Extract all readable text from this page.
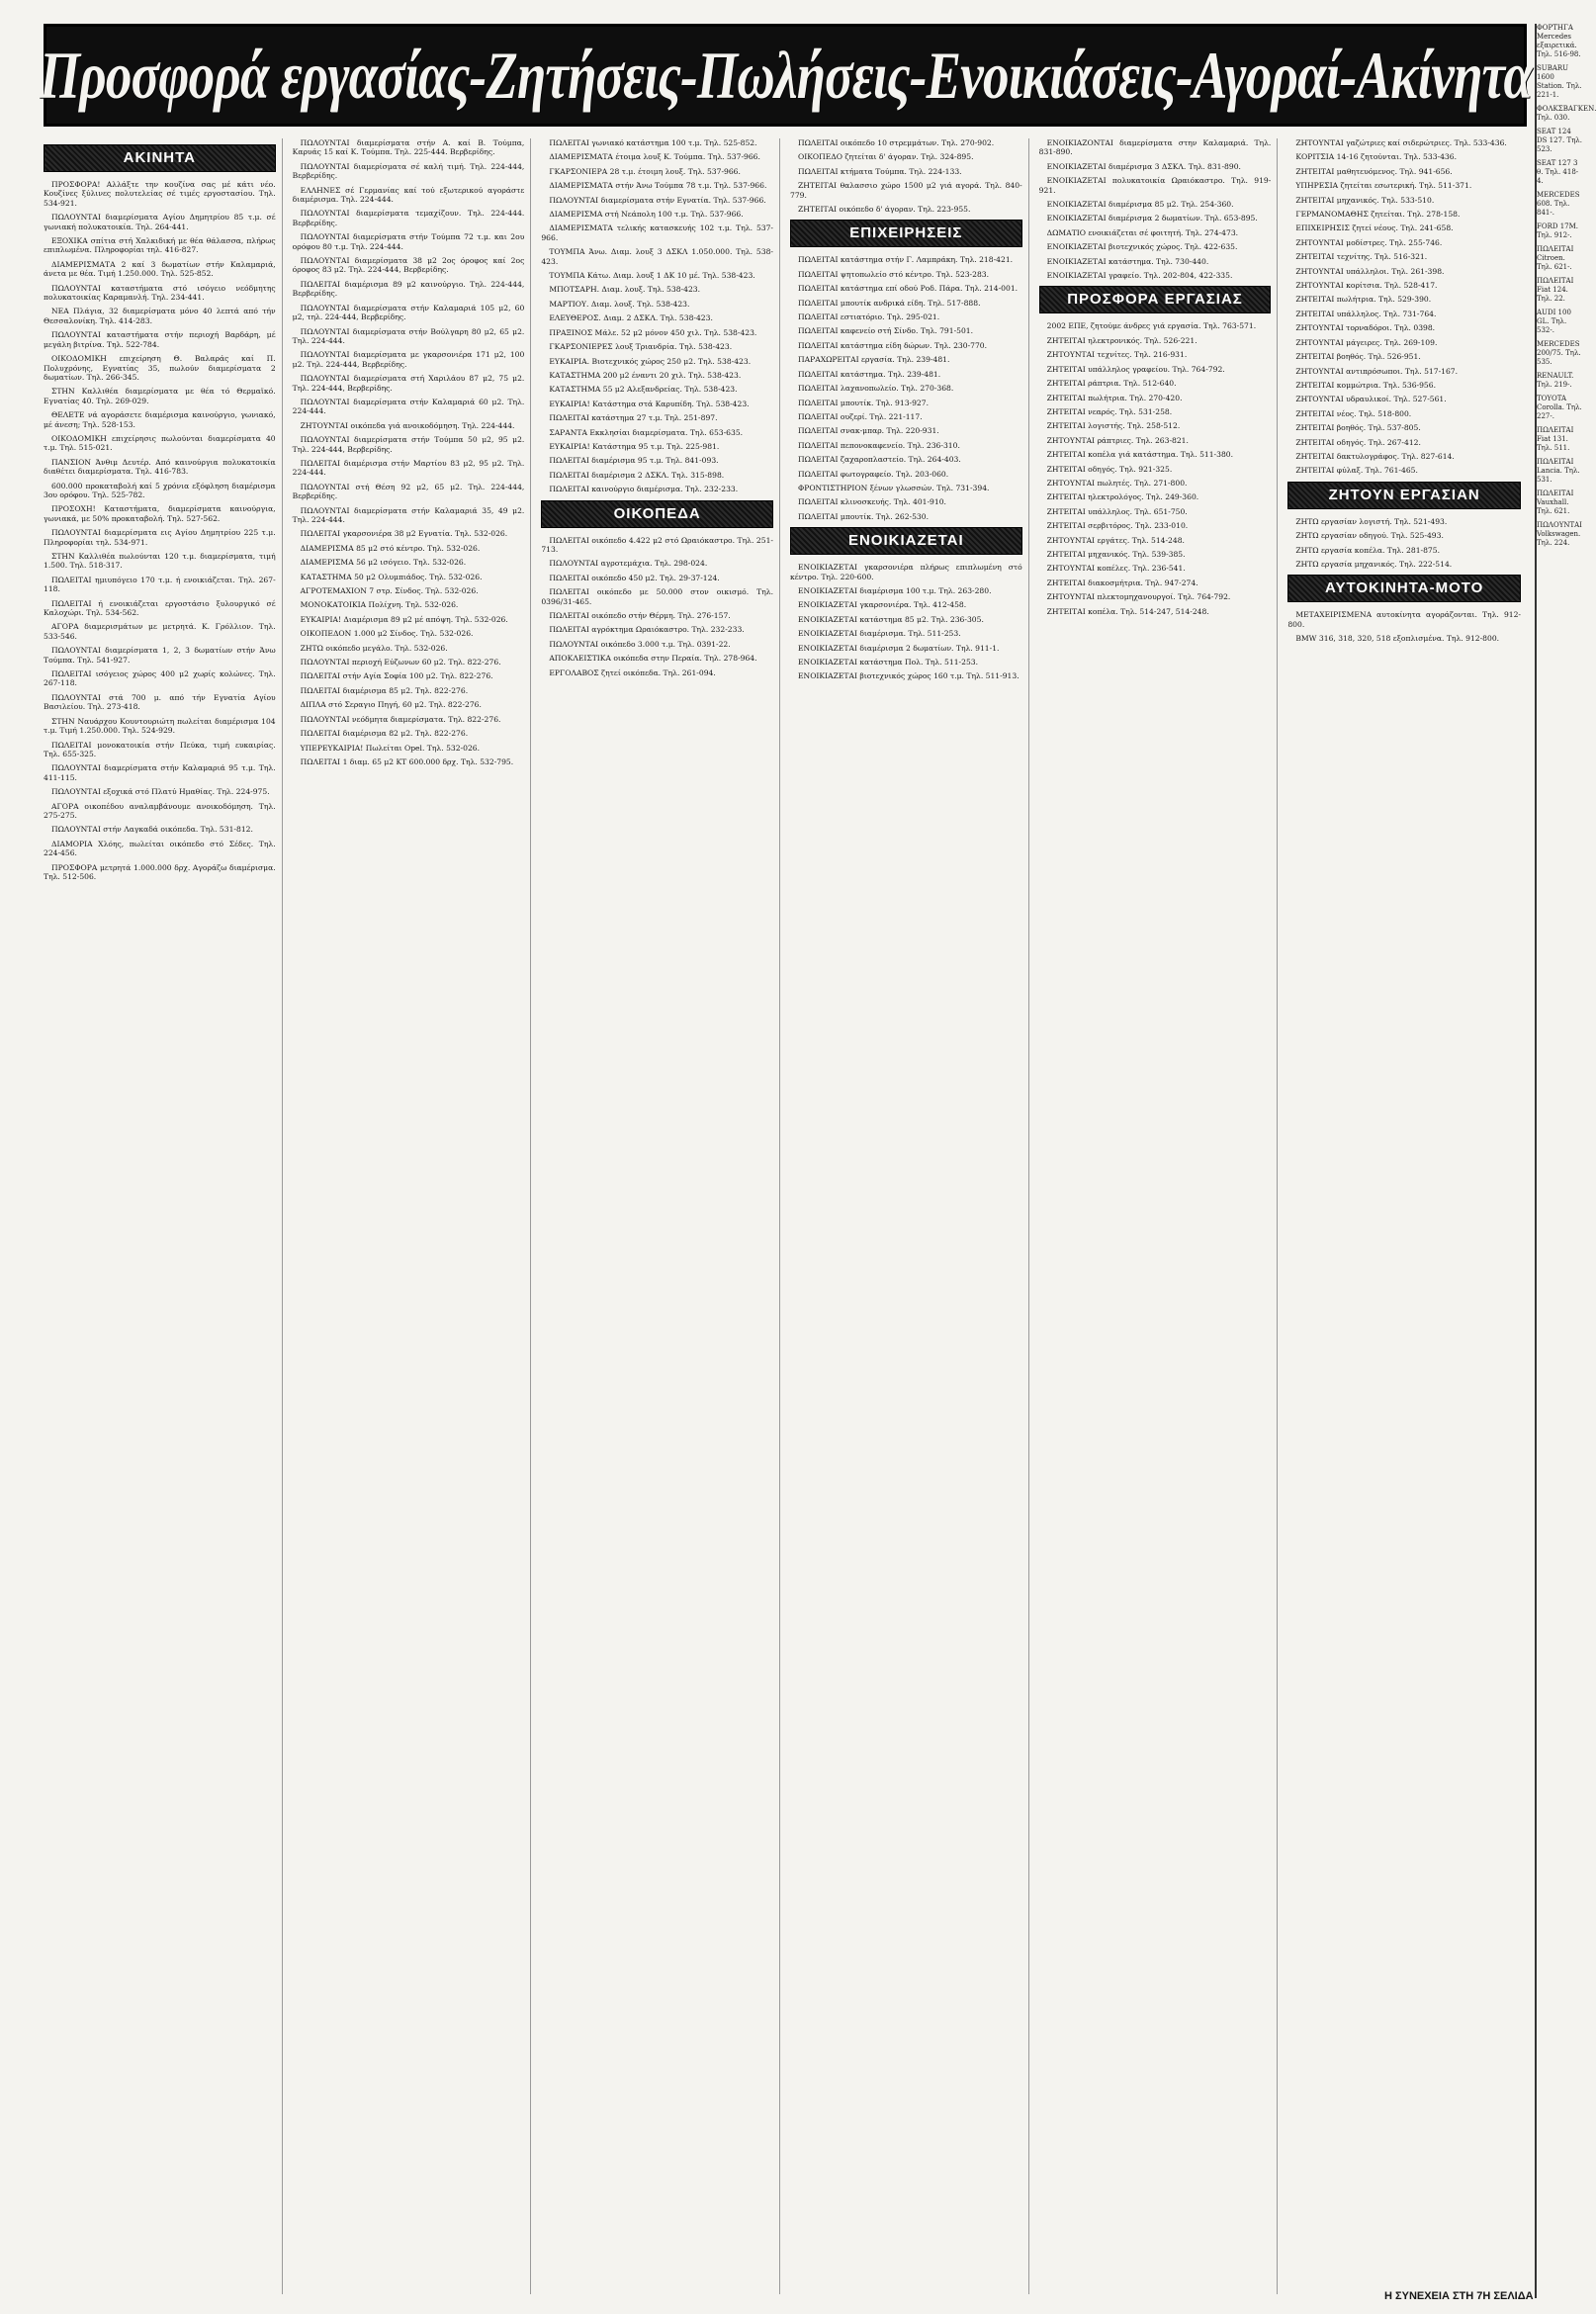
Προσφορά εργασίας-Ζητήσεις-Πωλήσεις-Ενοικιάσεις-Αγοραί-Ακίνητα
ΑΚΙΝΗΤΑ

ΠΡΟΣΦΟΡΑ! Αλλάξτε την κουζίνα σας μέ κάτι νέο. Κουζίνες ξύλινες πολυτελείας σέ τιμές εργοστασίου. Τηλ. 534-921.

ΠΩΛΟΥΝΤΑΙ διαμερίσματα Αγίου Δημητρίου 85 τ.μ. σέ γωνιακή πολυκατοικία. Τηλ. 264-441.

ΕΞΟΧΙΚΑ σπίτια στή Χαλκιδική με θέα θάλασσα, πλήρως επιπλωμένα. Πληροφορίαι τηλ. 416-827.

ΔΙΑΜΕΡΙΣΜΑΤΑ 2 καί 3 δωματίων στήν Καλαμαριά, άνετα με θέα. Τιμή 1.250.000. Τηλ. 525-852.

ΠΩΛΟΥΝΤΑΙ καταστήματα στό ισόγειο νεόδμητης πολυκατοικίας Καραμανλή. Τηλ. 234-441.

ΝΕΑ Πλάγια, 32 διαμερίσματα μόνο 40 λεπτά από τήν Θεσσαλονίκη. Τηλ. 414-283.

ΠΩΛΟΥΝΤΑΙ καταστήματα στήν περιοχή Βαρδάρη, μέ μεγάλη βιτρίνα. Τηλ. 522-784.

ΟΙΚΟΔΟΜΙΚΗ επιχείρηση Θ. Βαλαράς καί Π. Πολυχρόνης, Εγνατίας 35, πωλούν διαμερίσματα 2 δωματίων. Τηλ. 266-345.

ΣΤΗΝ Καλλιθέα διαμερίσματα με θέα τό Θερμαϊκό. Εγνατίας 40. Τηλ. 269-029.

ΘΕΛΕΤΕ νά αγοράσετε διαμέρισμα καινούργιο, γωνιακό, μέ άνεση; Τηλ. 528-153.

ΟΙΚΟΔΟΜΙΚΗ επιχείρησις πωλούνται διαμερίσματα 40 τ.μ. Τηλ. 515-021.

ΠΑΝΣΙΟΝ Άνθιμ Δευτέρ. Από καινούργια πολυκατοικία διαθέτει διαμερίσματα. Τηλ. 416-783.

600.000 προκαταβολή καί 5 χρόνια εξόφληση διαμέρισμα 3ου ορόφου. Τηλ. 525-782.

ΠΡΟΣΟΧΗ! Καταστήματα, διαμερίσματα καινούργια, γωνιακά, με 50% προκαταβολή. Τηλ. 527-562.

ΠΩΛΟΥΝΤΑΙ διαμερίσματα εις Αγίου Δημητρίου 225 τ.μ. Πληροφορίαι τηλ. 534-971.

ΣΤΗΝ Καλλιθέα πωλούνται 120 τ.μ. διαμερίσματα, τιμή 1.500. Τηλ. 518-317.

ΠΩΛΕΙΤΑΙ ημιυπόγειο 170 τ.μ. ή ενοικιάζεται. Τηλ. 267-118.

ΠΩΛΕΙΤΑΙ ή ενοικιάζεται εργοστάσιο ξυλουργικό σέ Καλοχώρι. Τηλ. 534-562.

ΑΓΟΡΑ διαμερισμάτων με μετρητά. Κ. Γρόλλιον. Τηλ. 533-546.

ΠΩΛΟΥΝΤΑΙ διαμερίσματα 1, 2, 3 δωματίων στήν Άνω Τούμπα. Τηλ. 541-927.

ΠΩΛΕΙΤΑΙ ισόγειος χώρος 400 μ2 χωρίς κολώνες. Τηλ. 267-118.

ΠΩΛΟΥΝΤΑΙ στά 700 μ. από τήν Εγνατία Αγίου Βασιλείου. Τηλ. 273-418.

ΣΤΗΝ Ναυάρχου Κουντουριώτη πωλείται διαμέρισμα 104 τ.μ. Τιμή 1.250.000. Τηλ. 524-929.

ΠΩΛΕΙΤΑΙ μονοκατοικία στήν Πεύκα, τιμή ευκαιρίας. Τηλ. 655-325.

ΠΩΛΟΥΝΤΑΙ διαμερίσματα στήν Καλαμαριά 95 τ.μ. Τηλ. 411-115.

ΠΩΛΟΥΝΤΑΙ εξοχικά στό Πλατύ Ημαθίας. Τηλ. 224-975.

ΑΓΟΡΑ οικοπέδου αναλαμβάνουμε ανοικοδόμηση. Τηλ. 275-275.

ΠΩΛΟΥΝΤΑΙ στήν Λαγκαδά οικόπεδα. Τηλ. 531-812.

ΔΙΑΜΟΡΙΑ Χλόης, πωλείται οικόπεδο στό Σέδες. Τηλ. 224-456.

ΠΡΟΣΦΟΡΑ μετρητά 1.000.000 δρχ. Αγοράζω διαμέρισμα. Τηλ. 512-506.

ΠΩΛΟΥΝΤΑΙ διαμερίσματα στήν Α. καί Β. Τούμπα, Καρυάς 15 καί Κ. Τούμπα. Τηλ. 225-444. Βερβερίδης.

ΠΩΛΟΥΝΤΑΙ διαμερίσματα σέ καλή τιμή. Τηλ. 224-444, Βερβερίδης.

ΕΛΛΗΝΕΣ σέ Γερμανίας καί τού εξωτερικού αγοράστε διαμέρισμα. Τηλ. 224-444.

ΠΩΛΟΥΝΤΑΙ διαμερίσματα τεμαχίζουν. Τηλ. 224-444. Βερβερίδης.

ΠΩΛΟΥΝΤΑΙ διαμερίσματα στήν Τούμπα 72 τ.μ. και 2ου ορόφου 80 τ.μ. Τηλ. 224-444.

ΠΩΛΟΥΝΤΑΙ διαμερίσματα 38 μ2 2ος όροφος καί 2ος όροφος 83 μ2. Τηλ. 224-444, Βερβερίδης.

ΠΩΛΕΙΤΑΙ διαμέρισμα 89 μ2 καινούργιο. Τηλ. 224-444, Βερβερίδης.

ΠΩΛΟΥΝΤΑΙ διαμερίσματα στήν Καλαμαριά 105 μ2, 60 μ2, τηλ. 224-444, Βερβερίδης.

ΠΩΛΟΥΝΤΑΙ διαμερίσματα στήν Βούλγαρη 80 μ2, 65 μ2. Τηλ. 224-444.

ΠΩΛΟΥΝΤΑΙ διαμερίσματα με γκαρσονιέρα 171 μ2, 100 μ2. Τηλ. 224-444, Βερβερίδης.

ΠΩΛΟΥΝΤΑΙ διαμερίσματα στή Χαριλάου 87 μ2, 75 μ2. Τηλ. 224-444, Βερβερίδης.

ΠΩΛΟΥΝΤΑΙ διαμερίσματα στήν Καλαμαριά 60 μ2. Τηλ. 224-444.

ΖΗΤΟΥΝΤΑΙ οικόπεδα γιά ανοικοδόμηση. Τηλ. 224-444.

ΠΩΛΟΥΝΤΑΙ διαμερίσματα στήν Τούμπα 50 μ2, 95 μ2. Τηλ. 224-444, Βερβερίδης.

ΠΩΛΕΙΤΑΙ διαμέρισμα στήν Μαρτίου 83 μ2, 95 μ2. Τηλ. 224-444.

ΠΩΛΟΥΝΤΑΙ στή Θέση 92 μ2, 65 μ2. Τηλ. 224-444, Βερβερίδης.

ΠΩΛΟΥΝΤΑΙ διαμερίσματα στήν Καλαμαριά 35, 49 μ2. Τηλ. 224-444.

ΠΩΛΕΙΤΑΙ γκαρσονιέρα 38 μ2 Εγνατία. Τηλ. 532-026.

ΔΙΑΜΕΡΙΣΜΑ 85 μ2 στό κέντρο. Τηλ. 532-026.

ΔΙΑΜΕΡΙΣΜΑ 56 μ2 ισόγειο. Τηλ. 532-026.

ΚΑΤΑΣΤΗΜΑ 50 μ2 Ολυμπιάδος. Τηλ. 532-026.

ΑΓΡΟΤΕΜΑΧΙΟΝ 7 στρ. Σίνδος. Τηλ. 532-026.

ΜΟΝΟΚΑΤΟΙΚΙΑ Πολίχνη. Τηλ. 532-026.

ΕΥΚΑΙΡΙΑ! Διαμέρισμα 89 μ2 μέ απόψη. Τηλ. 532-026.

ΟΙΚΟΠΕΔΟΝ 1.000 μ2 Σίνδος. Τηλ. 532-026.

ΖΗΤΩ οικόπεδο μεγάλο. Τηλ. 532-026.

ΠΩΛΟΥΝΤΑΙ περιοχή Εύζωνων 60 μ2. Τηλ. 822-276.

ΠΩΛΕΙΤΑΙ στήν Αγία Σοφία 100 μ2. Τηλ. 822-276.

ΠΩΛΕΙΤΑΙ διαμέρισμα 85 μ2. Τηλ. 822-276.

ΔΙΠΛΑ στό Σεραγιο Πηγή, 60 μ2. Τηλ. 822-276.

ΠΩΛΟΥΝΤΑΙ νεόδμητα διαμερίσματα. Τηλ. 822-276.

ΠΩΛΕΙΤΑΙ διαμέρισμα 82 μ2. Τηλ. 822-276.

ΥΠΕΡΕΥΚΑΙΡΙΑ! Πωλείται Opel. Τηλ. 532-026.

ΠΩΛΕΙΤΑΙ 1 διαμ. 65 μ2 ΚΤ 600.000 δρχ. Τηλ. 532-795.

ΠΩΛΕΙΤΑΙ γωνιακό κατάστημα 100 τ.μ. Τηλ. 525-852.

ΔΙΑΜΕΡΙΣΜΑΤΑ έτοιμα λουξ Κ. Τούμπα. Τηλ. 537-966.

ΓΚΑΡΣΟΝΙΕΡΑ 28 τ.μ. έτοιμη λουξ. Τηλ. 537-966.

ΔΙΑΜΕΡΙΣΜΑΤΑ στήν Άνω Τούμπα 78 τ.μ. Τηλ. 537-966.

ΠΩΛΟΥΝΤΑΙ διαμερίσματα στήν Εγνατία. Τηλ. 537-966.

ΔΙΑΜΕΡΙΣΜΑ στή Νεάπολη 100 τ.μ. Τηλ. 537-966.

ΔΙΑΜΕΡΙΣΜΑΤΑ τελικής κατασκευής 102 τ.μ. Τηλ. 537-966.

ΤΟΥΜΠΑ Άνω. Διαμ. λουξ 3 ΔΣΚΛ 1.050.000. Τηλ. 538-423.

ΤΟΥΜΠΑ Κάτω. Διαμ. λουξ 1 ΔΚ 10 μέ. Τηλ. 538-423.

ΜΠΟΤΣΑΡΗ. Διαμ. λουξ. Τηλ. 538-423.

ΜΑΡΤΙΟΥ. Διαμ. λουξ. Τηλ. 538-423.

ΕΛΕΥΘΕΡΟΣ. Διαμ. 2 ΔΣΚΛ. Τηλ. 538-423.

ΠΡΑΞΙΝΟΣ Μάλε. 52 μ2 μόνον 450 χιλ. Τηλ. 538-423.

ΓΚΑΡΣΟΝΙΕΡΕΣ λουξ Τριανδρία. Τηλ. 538-423.

ΕΥΚΑΙΡΙΑ. Βιοτεχνικός χώρος 250 μ2. Τηλ. 538-423.

ΚΑΤΑΣΤΗΜΑ 200 μ2 έναντι 20 χιλ. Τηλ. 538-423.

ΚΑΤΑΣΤΗΜΑ 55 μ2 Αλεξανδρείας. Τηλ. 538-423.

ΕΥΚΑΙΡΙΑ! Κατάστημα στά Καρυπίδη. Τηλ. 538-423.

ΠΩΛΕΙΤΑΙ κατάστημα 27 τ.μ. Τηλ. 251-897.

ΣΑΡΑΝΤΑ Εκκλησίαι διαμερίσματα. Τηλ. 653-635.

ΕΥΚΑΙΡΙΑ! Κατάστημα 95 τ.μ. Τηλ. 225-981.

ΠΩΛΕΙΤΑΙ διαμέρισμα 95 τ.μ. Τηλ. 841-093.

ΠΩΛΕΙΤΑΙ διαμέρισμα 2 ΔΣΚΛ. Τηλ. 315-898.

ΠΩΛΕΙΤΑΙ καινούργιο διαμέρισμα. Τηλ. 232-233.

ΟΙΚΟΠΕΔΑ

ΠΩΛΕΙΤΑΙ οικόπεδο 4.422 μ2 στό Ωραιόκαστρο. Τηλ. 251-713.

ΠΩΛΟΥΝΤΑΙ αγροτεμάχια. Τηλ. 298-024.

ΠΩΛΕΙΤΑΙ οικόπεδο 450 μ2. Τηλ. 29-37-124.

ΠΩΛΕΙΤΑΙ οικόπεδο με 50.000 στον οικισμό. Τηλ. 0396/31-465.

ΠΩΛΕΙΤΑΙ οικόπεδο στήν Θέρμη. Τηλ. 276-157.

ΠΩΛΕΙΤΑΙ αγρόκτημα Ωραιόκαστρο. Τηλ. 232-233.

ΠΩΛΟΥΝΤΑΙ οικόπεδο 3.000 τ.μ. Τηλ. 0391-22.

ΑΠΟΚΛΕΙΣΤΙΚΑ οικόπεδα στην Περαία. Τηλ. 278-964.

ΕΡΓΟΛΑΒΟΣ ζητεί οικόπεδα. Τηλ. 261-094.

ΠΩΛΕΙΤΑΙ οικόπεδο 10 στρεμμάτων. Τηλ. 270-902.

ΟΙΚΟΠΕΔΟ ζητείται δ' άγοραν. Τηλ. 324-895.

ΠΩΛΕΙΤΑΙ κτήματα Τούμπα. Τηλ. 224-133.

ΖΗΤΕΙΤΑΙ θαλασσιο χώρο 1500 μ2 γιά αγορά. Τηλ. 840-779.

ΖΗΤΕΙΤΑΙ οικόπεδο δ' άγοραν. Τηλ. 223-955.

ΕΠΙΧΕΙΡΗΣΕΙΣ

ΠΩΛΕΙΤΑΙ κατάστημα στήν Γ. Λαμπράκη. Τηλ. 218-421.

ΠΩΛΕΙΤΑΙ ψητοπωλείο στό κέντρο. Τηλ. 523-283.

ΠΩΛΕΙΤΑΙ κατάστημα επί οδού Ροδ. Πάρα. Τηλ. 214-001.

ΠΩΛΕΙΤΑΙ μπουτίκ ανδρικά είδη. Τηλ. 517-888.

ΠΩΛΕΙΤΑΙ εστιατόριο. Τηλ. 295-021.

ΠΩΛΕΙΤΑΙ καφενείο στή Σίνδο. Τηλ. 791-501.

ΠΩΛΕΙΤΑΙ κατάστημα είδη δώρων. Τηλ. 230-770.

ΠΑΡΑΧΩΡΕΙΤΑΙ εργασία. Τηλ. 239-481.

ΠΩΛΕΙΤΑΙ κατάστημα. Τηλ. 239-481.

ΠΩΛΕΙΤΑΙ λαχανοπωλείο. Τηλ. 270-368.

ΠΩΛΕΙΤΑΙ μπουτίκ. Τηλ. 913-927.

ΠΩΛΕΙΤΑΙ ουζερί. Τηλ. 221-117.

ΠΩΛΕΙΤΑΙ σνακ-μπαρ. Τηλ. 220-931.

ΠΩΛΕΙΤΑΙ πεπονοκαφενείο. Τηλ. 236-310.

ΠΩΛΕΙΤΑΙ ζαχαροπλαστείο. Τηλ. 264-403.

ΠΩΛΕΙΤΑΙ φωτογραφείο. Τηλ. 203-060.

ΦΡΟΝΤΙΣΤΗΡΙΟΝ ξένων γλωσσών. Τηλ. 731-394.

ΠΩΛΕΙΤΑΙ κλινοσκευής. Τηλ. 401-910.

ΠΩΛΕΙΤΑΙ μπουτίκ. Τηλ. 262-530.

ΕΝΟΙΚΙΑΖΕΤΑΙ

ΕΝΟΙΚΙΑΖΕΤΑΙ γκαρσονιέρα πλήρως επιπλωμένη στό κέντρο. Τηλ. 220-600.

ΕΝΟΙΚΙΑΖΕΤΑΙ διαμέρισμα 100 τ.μ. Τηλ. 263-280.

ΕΝΟΙΚΙΑΖΕΤΑΙ γκαρσονιέρα. Τηλ. 412-458.

ΕΝΟΙΚΙΑΖΕΤΑΙ κατάστημα 85 μ2. Τηλ. 236-305.

ΕΝΟΙΚΙΑΖΕΤΑΙ διαμέρισμα. Τηλ. 511-253.

ΕΝΟΙΚΙΑΖΕΤΑΙ διαμέρισμα 2 δωματίων. Τηλ. 911-1.

ΕΝΟΙΚΙΑΖΕΤΑΙ κατάστημα Πολ. Τηλ. 511-253.

ΕΝΟΙΚΙΑΖΕΤΑΙ βιοτεχνικός χώρος 160 τ.μ. Τηλ. 511-913.

ΕΝΟΙΚΙΑΖΟΝΤΑΙ διαμερίσματα στην Καλαμαριά. Τηλ. 831-890.

ΕΝΟΙΚΙΑΖΕΤΑΙ διαμέρισμα 3 ΔΣΚΛ. Τηλ. 831-890.

ΕΝΟΙΚΙΑΖΕΤΑΙ πολυκατοικία Ωραιόκαστρο. Τηλ. 919-921.

ΕΝΟΙΚΙΑΖΕΤΑΙ διαμέρισμα 85 μ2. Τηλ. 254-360.

ΕΝΟΙΚΙΑΖΕΤΑΙ διαμέρισμα 2 δωματίων. Τηλ. 653-895.

ΔΩΜΑΤΙΟ ενοικιάζεται σέ φοιτητή. Τηλ. 274-473.

ΕΝΟΙΚΙΑΖΕΤΑΙ βιοτεχνικός χώρος. Τηλ. 422-635.

ΕΝΟΙΚΙΑΖΕΤΑΙ κατάστημα. Τηλ. 730-440.

ΕΝΟΙΚΙΑΖΕΤΑΙ γραφείο. Τηλ. 202-804, 422-335.

ΠΡΟΣΦΟΡΑ ΕΡΓΑΣΙΑΣ

2002 ΕΠΕ, ζητούμε άνδρες γιά εργασία. Τηλ. 763-571.

ΖΗΤΕΙΤΑΙ ηλεκτρονικός. Τηλ. 526-221.

ΖΗΤΟΥΝΤΑΙ τεχνίτες. Τηλ. 216-931.

ΖΗΤΕΙΤΑΙ υπάλληλος γραφείου. Τηλ. 764-792.

ΖΗΤΕΙΤΑΙ ράπτρια. Τηλ. 512-640.

ΖΗΤΕΙΤΑΙ πωλήτρια. Τηλ. 270-420.

ΖΗΤΕΙΤΑΙ νεαρός. Τηλ. 531-258.

ΖΗΤΕΙΤΑΙ λογιστής. Τηλ. 258-512.

ΖΗΤΟΥΝΤΑΙ ράπτριες. Τηλ. 263-821.

ΖΗΤΕΙΤΑΙ κοπέλα γιά κατάστημα. Τηλ. 511-380.

ΖΗΤΕΙΤΑΙ οδηγός. Τηλ. 921-325.

ΖΗΤΟΥΝΤΑΙ πωλητές. Τηλ. 271-800.

ΖΗΤΕΙΤΑΙ ηλεκτρολόγος. Τηλ. 249-360.

ΖΗΤΕΙΤΑΙ υπάλληλος. Τηλ. 651-750.

ΖΗΤΕΙΤΑΙ σερβιτόρος. Τηλ. 233-010.

ΖΗΤΟΥΝΤΑΙ εργάτες. Τηλ. 514-248.

ΖΗΤΕΙΤΑΙ μηχανικός. Τηλ. 539-385.

ΖΗΤΟΥΝΤΑΙ κοπέλες. Τηλ. 236-541.

ΖΗΤΕΙΤΑΙ διακοσμήτρια. Τηλ. 947-274.

ΖΗΤΟΥΝΤΑΙ πλεκτομηχανουργοί. Τηλ. 764-792.

ΖΗΤΕΙΤΑΙ κοπέλα. Τηλ. 514-247, 514-248.

ΖΗΤΟΥΝΤΑΙ γαζώτριες καί σιδερώτριες. Τηλ. 533-436.

ΚΟΡΙΤΣΙΑ 14-16 ζητούνται. Τηλ. 533-436.

ΖΗΤΕΙΤΑΙ μαθητευόμενος. Τηλ. 941-656.

ΥΠΗΡΕΣΙΑ ζητείται εσωτερική. Τηλ. 511-371.

ΖΗΤΕΙΤΑΙ μηχανικός. Τηλ. 533-510.

ΓΕΡΜΑΝΟΜΑΘΗΣ ζητείται. Τηλ. 278-158.

ΕΠΙΧΕΙΡΗΣΙΣ ζητεί νέους. Τηλ. 241-658.

ΖΗΤΟΥΝΤΑΙ μοδίστρες. Τηλ. 255-746.

ΖΗΤΕΙΤΑΙ τεχνίτης. Τηλ. 516-321.

ΖΗΤΟΥΝΤΑΙ υπάλληλοι. Τηλ. 261-398.

ΖΗΤΟΥΝΤΑΙ κορίτσια. Τηλ. 528-417.

ΖΗΤΕΙΤΑΙ πωλήτρια. Τηλ. 529-390.

ΖΗΤΕΙΤΑΙ υπάλληλος. Τηλ. 731-764.

ΖΗΤΟΥΝΤΑΙ τορναδόροι. Τηλ. 0398.

ΖΗΤΟΥΝΤΑΙ μάγειρες. Τηλ. 269-109.

ΖΗΤΕΙΤΑΙ βοηθός. Τηλ. 526-951.

ΖΗΤΟΥΝΤΑΙ αντιπρόσωποι. Τηλ. 517-167.

ΖΗΤΕΙΤΑΙ κομμώτρια. Τηλ. 536-956.

ΖΗΤΟΥΝΤΑΙ υδραυλικοί. Τηλ. 527-561.

ΖΗΤΕΙΤΑΙ νέος. Τηλ. 518-800.

ΖΗΤΕΙΤΑΙ βοηθός. Τηλ. 537-805.

ΖΗΤΕΙΤΑΙ οδηγός. Τηλ. 267-412.

ΖΗΤΕΙΤΑΙ δακτυλογράφος. Τηλ. 827-614.

ΖΗΤΕΙΤΑΙ φύλαξ. Τηλ. 761-465.

ΖΗΤΟΥΝ ΕΡΓΑΣΙΑΝ

ΖΗΤΩ εργασίαν λογιστή. Τηλ. 521-493.

ΖΗΤΩ εργασίαν οδηγού. Τηλ. 525-493.

ΖΗΤΩ εργασία κοπέλα. Τηλ. 281-875.

ΖΗΤΩ εργασία μηχανικός. Τηλ. 222-514.

ΑΥΤΟΚΙΝΗΤΑ-ΜΟΤΟ

ΜΕΤΑΧΕΙΡΙΣΜΕΝΑ αυτοκίνητα αγοράζονται. Τηλ. 912-800.

BMW 316, 318, 320, 518 εξοπλισμένα. Τηλ. 912-800.

ΦΟΡΤΗΓΑ Mercedes εξαιρετικά. Τηλ. 516-98.

SUBARU 1600 Station. Τηλ. 221-1.

ΦΟΛΚΣΒΑΓΚΕΝ. Τηλ. 030.

SEAT 124 DS 127. Τηλ. 523.

SEAT 127 3 θ. Τηλ. 418-4.

MERCEDES 608. Τηλ. 841-.

FORD 17M. Τηλ. 912-.

ΠΩΛΕΙΤΑΙ Citroen. Τηλ. 621-.

ΠΩΛΕΙΤΑΙ Fiat 124. Τηλ. 22.

AUDI 100 GL. Τηλ. 532-.

MERCEDES 200/75. Τηλ. 535.

RENAULT. Τηλ. 219-.

TOYOTA Corolla. Τηλ. 227-.

ΠΩΛΕΙΤΑΙ Fiat 131. Τηλ. 511.

ΠΩΛΕΙΤΑΙ Lancia. Τηλ. 531.

ΠΩΛΕΙΤΑΙ Vauxhall. Τηλ. 621.

ΠΩΛΟΥΝΤΑΙ Volkswagen. Τηλ. 224.

Η ΣΥΝΕΧΕΙΑ ΣΤΗ 7Η ΣΕΛΙΔΑ
